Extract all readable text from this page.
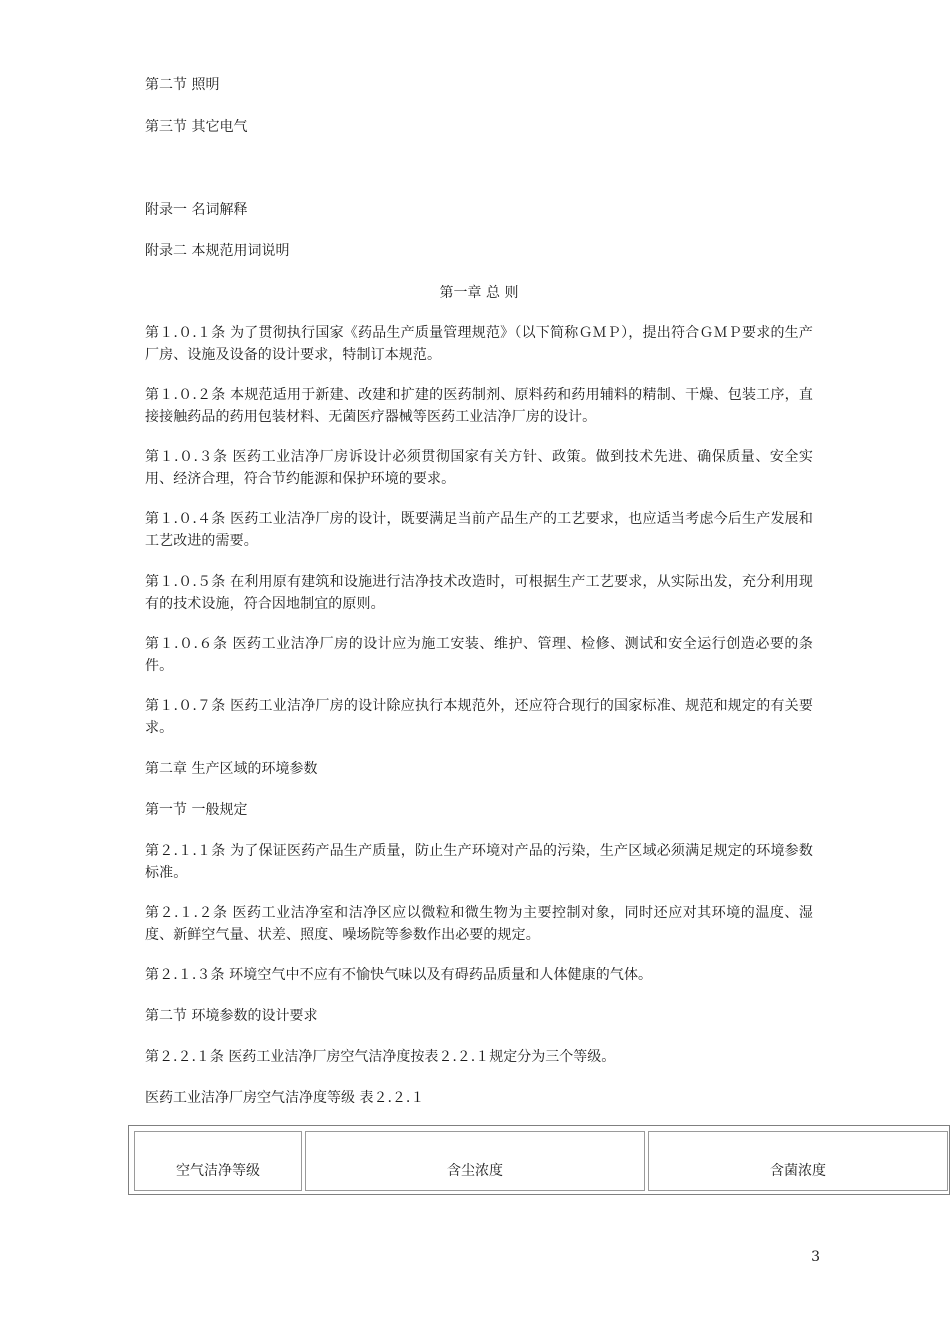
第二节 照明

第三节 其它电气

附录一 名词解释

附录二 本规范用词说明

第一章 总 则

第１.０.１条 为了贯彻执行国家《药品生产质量管理规范》（以下简称ＧＭＰ），提出符合ＧＭＰ要求的生产厂房、设施及设备的设计要求，特制订本规范。

第１.０.２条 本规范适用于新建、改建和扩建的医药制剂、原料药和药用辅料的精制、干燥、包装工序，直接接触药品的药用包装材料、无菌医疗器械等医药工业洁净厂房的设计。

第１.０.３条 医药工业洁净厂房诉设计必须贯彻国家有关方针、政策。做到技术先进、确保质量、安全实用、经济合理，符合节约能源和保护环境的要求。

第１.０.４条 医药工业洁净厂房的设计，既要满足当前产品生产的工艺要求，也应适当考虑今后生产发展和工艺改进的需要。

第１.０.５条 在利用原有建筑和设施进行洁净技术改造时，可根据生产工艺要求，从实际出发，充分利用现有的技术设施，符合因地制宜的原则。

第１.０.６条 医药工业洁净厂房的设计应为施工安装、维护、管理、检修、测试和安全运行创造必要的条件。

第１.０.７条 医药工业洁净厂房的设计除应执行本规范外，还应符合现行的国家标准、规范和规定的有关要求。

第二章 生产区域的环境参数

第一节 一般规定

第２.１.１条 为了保证医药产品生产质量，防止生产环境对产品的污染，生产区域必须满足规定的环境参数标准。

第２.１.２条 医药工业洁净室和洁净区应以微粒和微生物为主要控制对象，同时还应对其环境的温度、湿度、新鲜空气量、状差、照度、噪场院等参数作出必要的规定。

第２.１.３条 环境空气中不应有不愉快气味以及有碍药品质量和人体健康的气体。

第二节 环境参数的设计要求

第２.２.１条 医药工业洁净厂房空气洁净度按表２.２.１规定分为三个等级。

医药工业洁净厂房空气洁净度等级 表２.２.１

空气洁净等级	含尘浓度	含菌浓度
3
